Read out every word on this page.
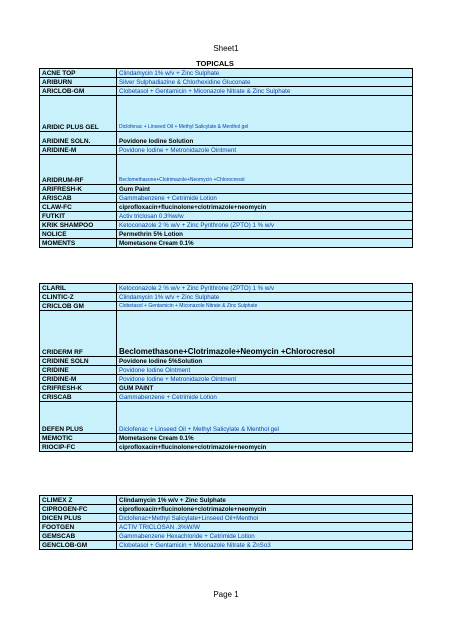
Sheet1
TOPICALS
ACNE TOP	Clindamycin 1% w/v + Zinc Sulphate
ARIBURN	Silver Sulphadiazine & Chlorhexidine Gluconate
ARICLOB-GM	Clobetasol + Gentamicin + Miconazole Nitrate & Zinc Sulphate
ARIDIC PLUS GEL	Diclofenac + Linseed Oil + Methyl Salicylate & Menthol gel
ARIDINE SOLN.	Povidone Iodine Solution
ARIDINE-M	Povidone Iodine + Metronidazole Ointment
ARIDRUM-RF	Beclomethasone+Clotrimazole+Neomycin +Chlorocresol
ARIFRESH-K	Gum Paint
ARISCAB	Gammabenzene + Cetrimide Lotion
CLAW-FC	ciprofloxacin+flucinolone+clotrimazole+neomycin
FUTKIT	Activ triclosan 0.3%w/w
KRIK SHAMPOO	Ketoconazole 2 % w/v + Zinc Pyrithrone (ZPTO) 1 % w/v
NOLICE	Permethrin 5% Lotion
MOMENTS	Mometasone Cream 0.1%
CLARIL	Ketoconazole 2 % w/v + Zinc Pyrithrone (ZPTO) 1 % w/v
CLINTIC-Z	Clindamycin 1% w/v + Zinc Sulphate
CRICLOB GM	Clobetasol + Gentamicin + Miconazole Nitrate & Zinc Sulphate
CRIDERM RF	Beclomethasone+Clotrimazole+Neomycin +Chlorocresol
CRIDINE SOLN	Povidone Iodine 5%Solution
CRIDINE	Povidone Iodine Ointment
CRIDINE-M	Povidone Iodine + Metronidazole Ointment
CRIFRESH-K	GUM PAINT
CRISCAB	Gammabenzene + Cetrimide Lotion
DEFEN PLUS	Diclofenac + Linseed Oil + Methyl Salicylate & Menthol gel
MEMOTIC	Mometasone Cream 0.1%
RIOCIP-FC	ciprofloxacin+flucinolone+clotrimazole+neomycin
CLIMEX Z	Clindamycin 1% w/v + Zinc Sulphate
CIPROGEN-FC	ciprofloxacin+flucinolone+clotrimazole+neomycin
DICEN PLUS	Diclofenac+Methyl Salicylate+Linseed Oil+Menthol
FOOTGEN	ACTIV TRICLOSAN .3%W/W
GEMSCAB	Gammabenzene Hexachloride + Cetrimide Lotion
GENCLOB-GM	Clobetasol + Gentamicin + Miconazole Nitrate & ZnSo3
Page 1
